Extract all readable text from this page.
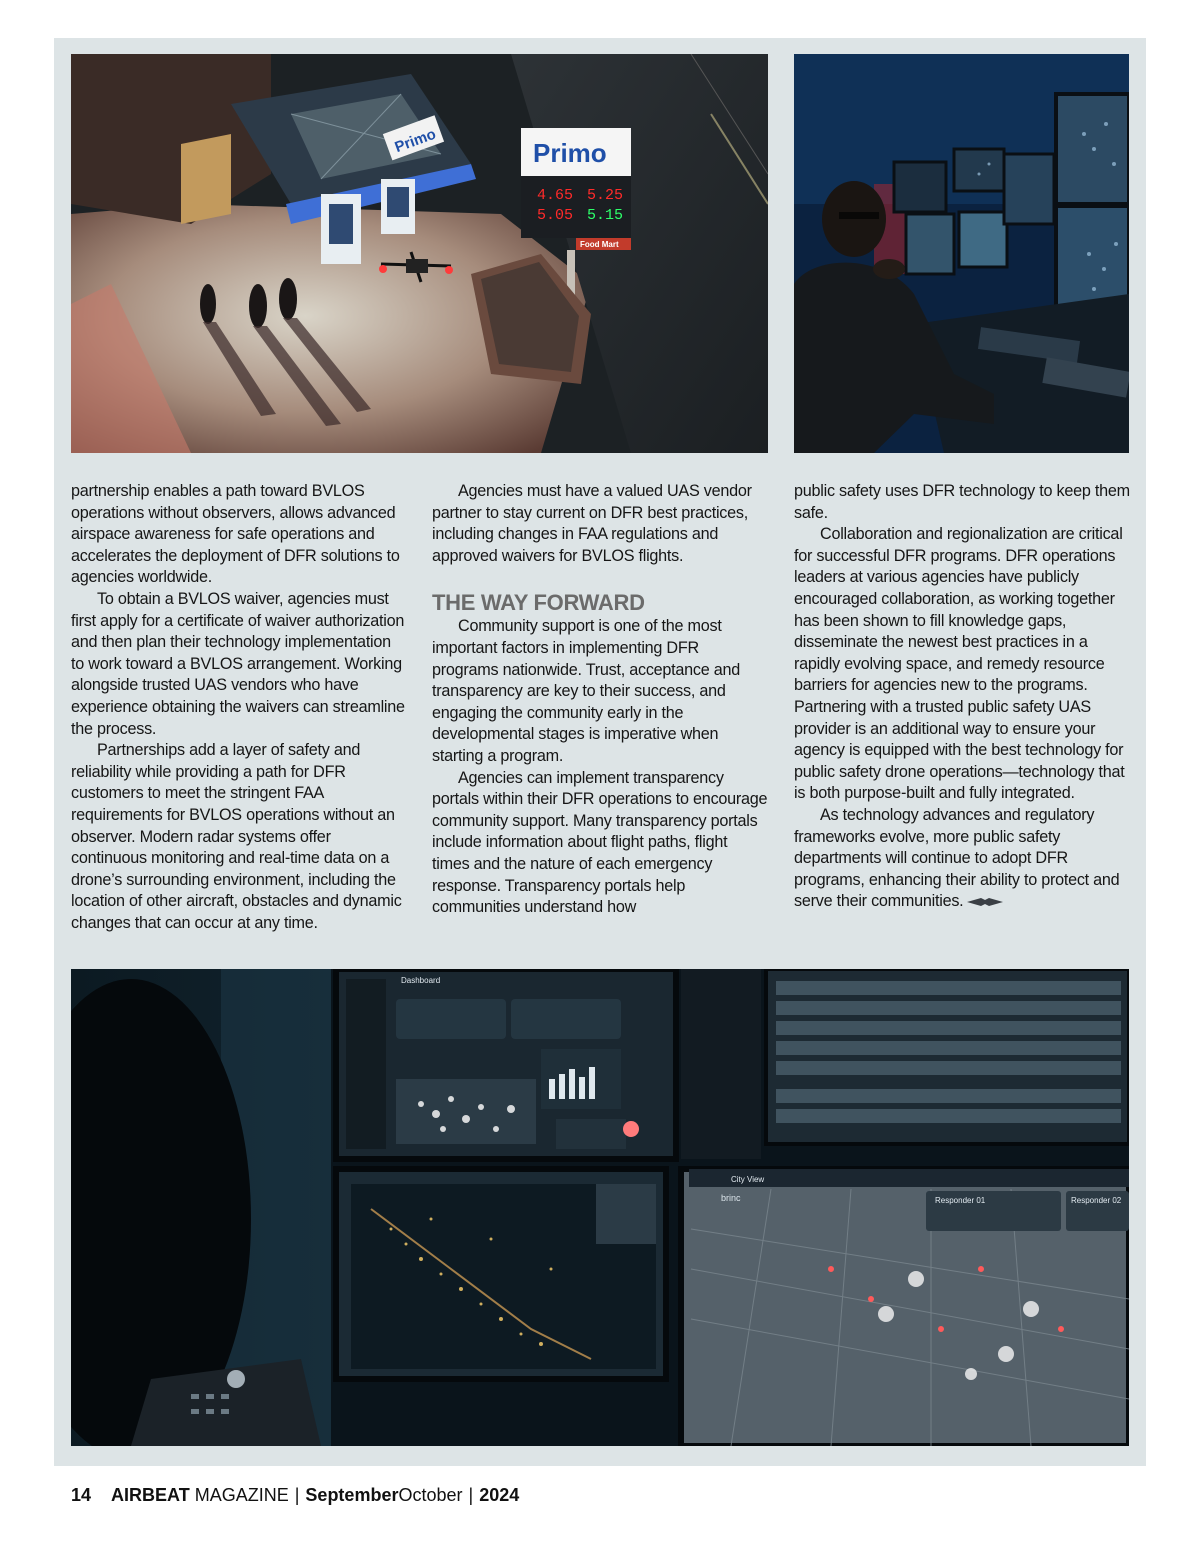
Primo	Primo
4.65 5.25
5.05 5.15
Food Mart

partnership enables a path toward BVLOS operations without observers, allows advanced airspace awareness for safe operations and accelerates the deployment of DFR solutions to agencies worldwide.

To obtain a BVLOS waiver, agencies must first apply for a certificate of waiver authorization and then plan their technology implementation to work toward a BVLOS arrangement. Working alongside trusted UAS vendors who have experience obtaining the waivers can streamline the process.

Partnerships add a layer of safety and reliability while providing a path for DFR customers to meet the stringent FAA requirements for BVLOS operations without an observer. Modern radar systems offer continuous monitoring and real-time data on a drone’s surrounding environment, including the location of other aircraft, obstacles and dynamic changes that can occur at any time.

Agencies must have a valued UAS vendor partner to stay current on DFR best practices, including changes in FAA regulations and approved waivers for BVLOS flights.

THE WAY FORWARD

Community support is one of the most important factors in implementing DFR programs nationwide. Trust, acceptance and transparency are key to their success, and engaging the community early in the developmental stages is imperative when starting a program.

Agencies can implement transparency portals within their DFR operations to encourage community support. Many transparency portals include information about flight paths, flight times and the nature of each emergency response. Transparency portals help communities understand how

public safety uses DFR technology to keep them safe.

Collaboration and regionalization are critical for successful DFR programs. DFR operations leaders at various agencies have publicly encouraged collaboration, as working together has been shown to fill knowledge gaps, disseminate the newest best practices in a rapidly evolving space, and remedy resource barriers for agencies new to the programs. Partnering with a trusted public safety UAS provider is an additional way to ensure your agency is equipped with the best technology for public safety drone operations—technology that is both purpose-built and fully integrated.

As technology advances and regulatory frameworks evolve, more public safety departments will continue to adopt DFR programs, enhancing their ability to protect and serve their communities.

Dashboard
City View
brinc	Responder 01	Responder 02
14 AIRBEAT MAGAZINE | SeptemberOctober | 2024
